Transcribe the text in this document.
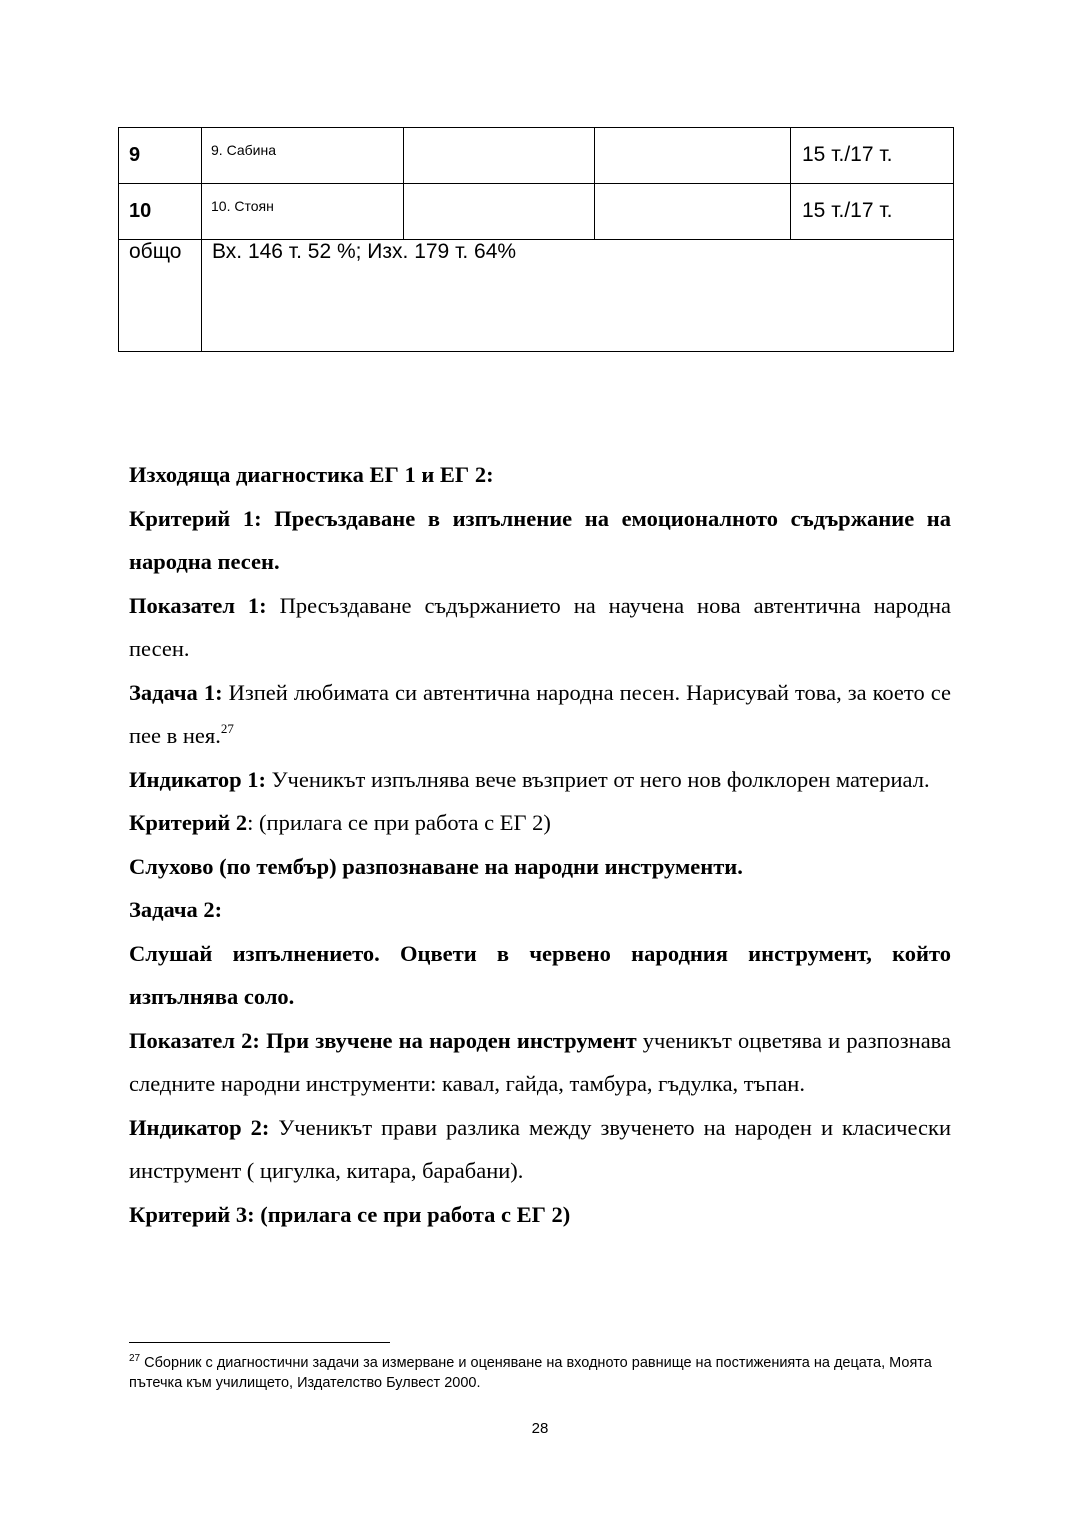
9	9. Сабина			15 т./17 т.

10	10. Стоян			15 т./17 т.

общо	Вх. 146 т. 52 %; Изх. 179 т. 64%			

Изходяща диагностика ЕГ 1 и ЕГ 2:

Критерий 1: Пресъздаване в изпълнение на емоционалното съдържание на народна песен.

Показател 1: Пресъздаване съдържанието на научена нова автентична народна песен.

Задача 1: Изпей любимата си автентична народна песен. Нарисувай това, за което се пее в нея.$^{27}$

Индикатор 1: Ученикът изпълнява вече възприет от него нов фолклорен материал.

Критерий 2: (прилага се при работа с ЕГ 2)

Слухово (по тембър) разпознаване на народни инструменти.

Задача 2:

Слушай изпълнението. Оцвети в червено народния инструмент, който изпълнява соло.

Показател 2: При звучене на народен инструмент ученикът оцветява и разпознава следните народни инструменти: кавал, гайда, тамбура, гъдулка, тъпан.

Индикатор 2: Ученикът прави разлика между звученето на народен и класически инструмент ( цигулка, китара, барабани).

Критерий 3: (прилага се при работа с ЕГ 2)

$^{27}$ Сборник с диагностични задачи за измерване и оценяване на входното равнище на постиженията на децата, Моята пътечка към училището, Издателство Булвест 2000.
28
